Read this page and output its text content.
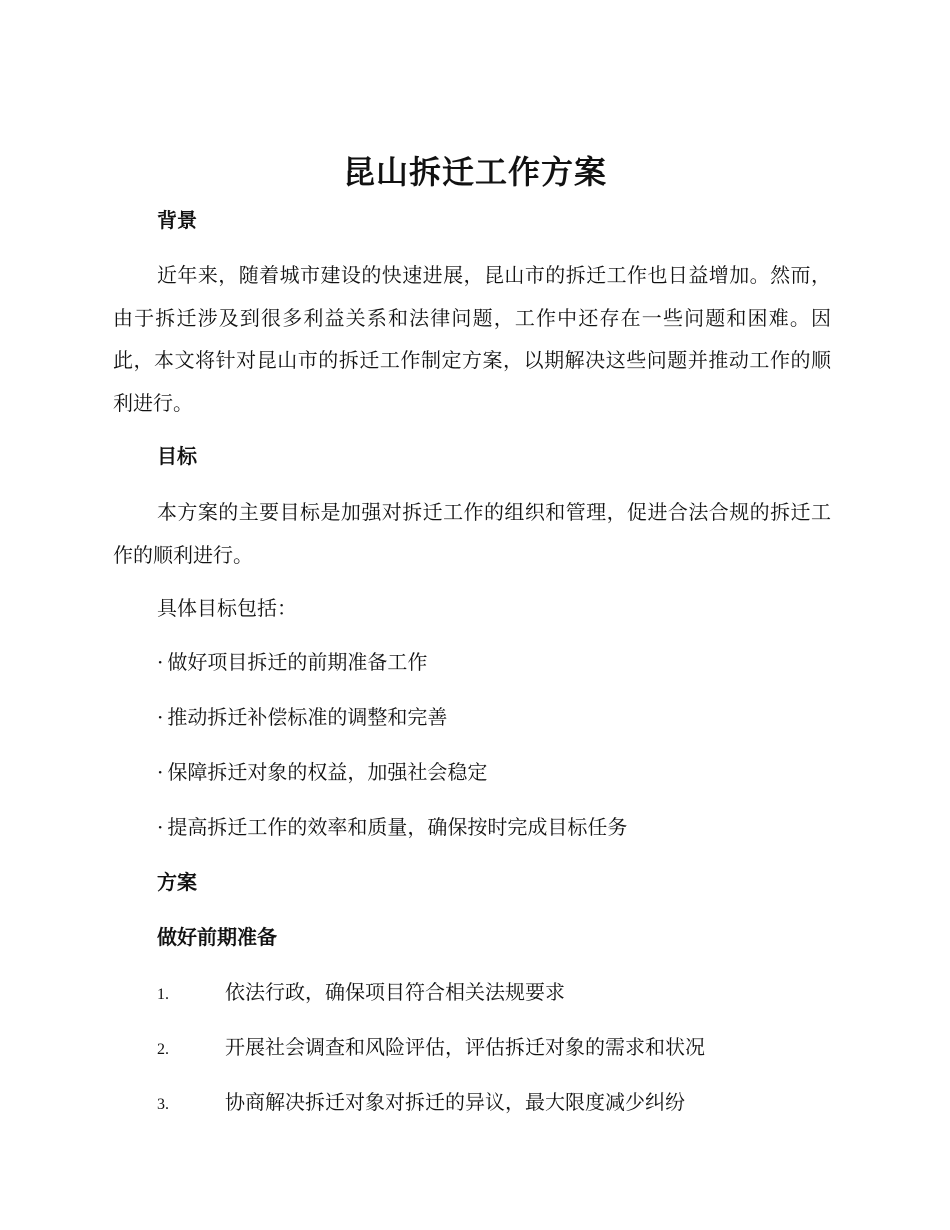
昆山拆迁工作方案
背景
近年来，随着城市建设的快速进展，昆山市的拆迁工作也日益增加。然而，由于拆迁涉及到很多利益关系和法律问题，工作中还存在一些问题和困难。因此，本文将针对昆山市的拆迁工作制定方案，以期解决这些问题并推动工作的顺利进行。
目标
本方案的主要目标是加强对拆迁工作的组织和管理，促进合法合规的拆迁工作的顺利进行。
具体目标包括：
· 做好项目拆迁的前期准备工作
· 推动拆迁补偿标准的调整和完善
· 保障拆迁对象的权益，加强社会稳定
· 提高拆迁工作的效率和质量，确保按时完成目标任务
方案
做好前期准备
1.	依法行政，确保项目符合相关法规要求
2.	开展社会调查和风险评估，评估拆迁对象的需求和状况
3.	协商解决拆迁对象对拆迁的异议，最大限度减少纠纷
